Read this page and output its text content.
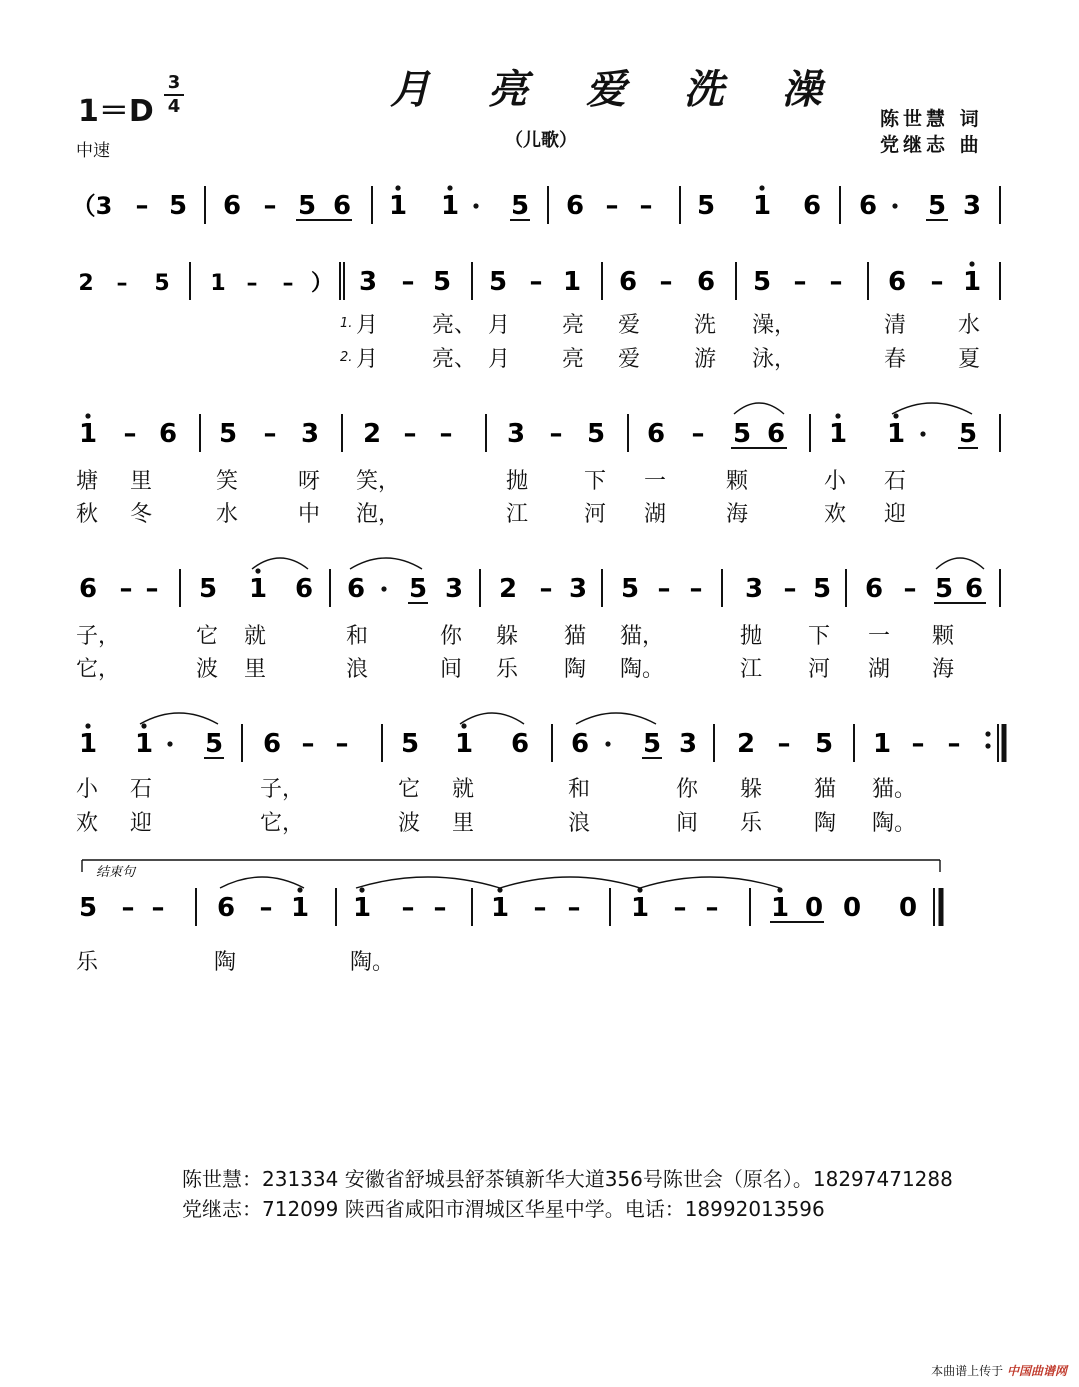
月 亮 爱 洗 澡
（儿歌）
1＝D
3
4
中速
陈世慧 词
党继志 曲
（3 – 5 6 – 5 6 1 1 5 6 – – 5 1 6 6 5 3
2 – 5 1 – – ） 3 – 5 5 – 1 6 – 6 5 – – 6 – 1
1 – 6 5 – 3 2 – – 3 – 5 6 – 5 6 1 1 5
6 – – 5 1 6 6 5 3 2 – 3 5 – – 3 – 5 6 – 5 6
1 1 5 6 – – 5 1 6 6 5 3 2 – 5 1 – –
结束句
5 – – 6 – 1 1 – – 1 – – 1 – – 1 0 0 0
1. 月 亮、 月 亮 爱 洗 澡，	清 水
2. 月 亮、 月 亮 爱 游 泳，	春 夏
塘 里	笑	呀 笑，	抛	下 一	颗	小 石
秋 冬	水	中 泡，	江	河 湖	海	欢 迎
子，	它 就	和	你 躲 猫 猫，	抛 下 一 颗
它，	波 里	浪	间 乐 陶 陶。	江 河 湖 海
小 石	子，	它 就	和	你 躲 猫 猫。
欢 迎	它，	波 里	浪	间 乐 陶 陶。
乐	陶	陶。
陈世慧：231334 安徽省舒城县舒茶镇新华大道356号陈世会（原名）。18297471288
党继志：712099 陕西省咸阳市渭城区华星中学。电话：18992013596
本曲谱上传于 中国曲谱网
